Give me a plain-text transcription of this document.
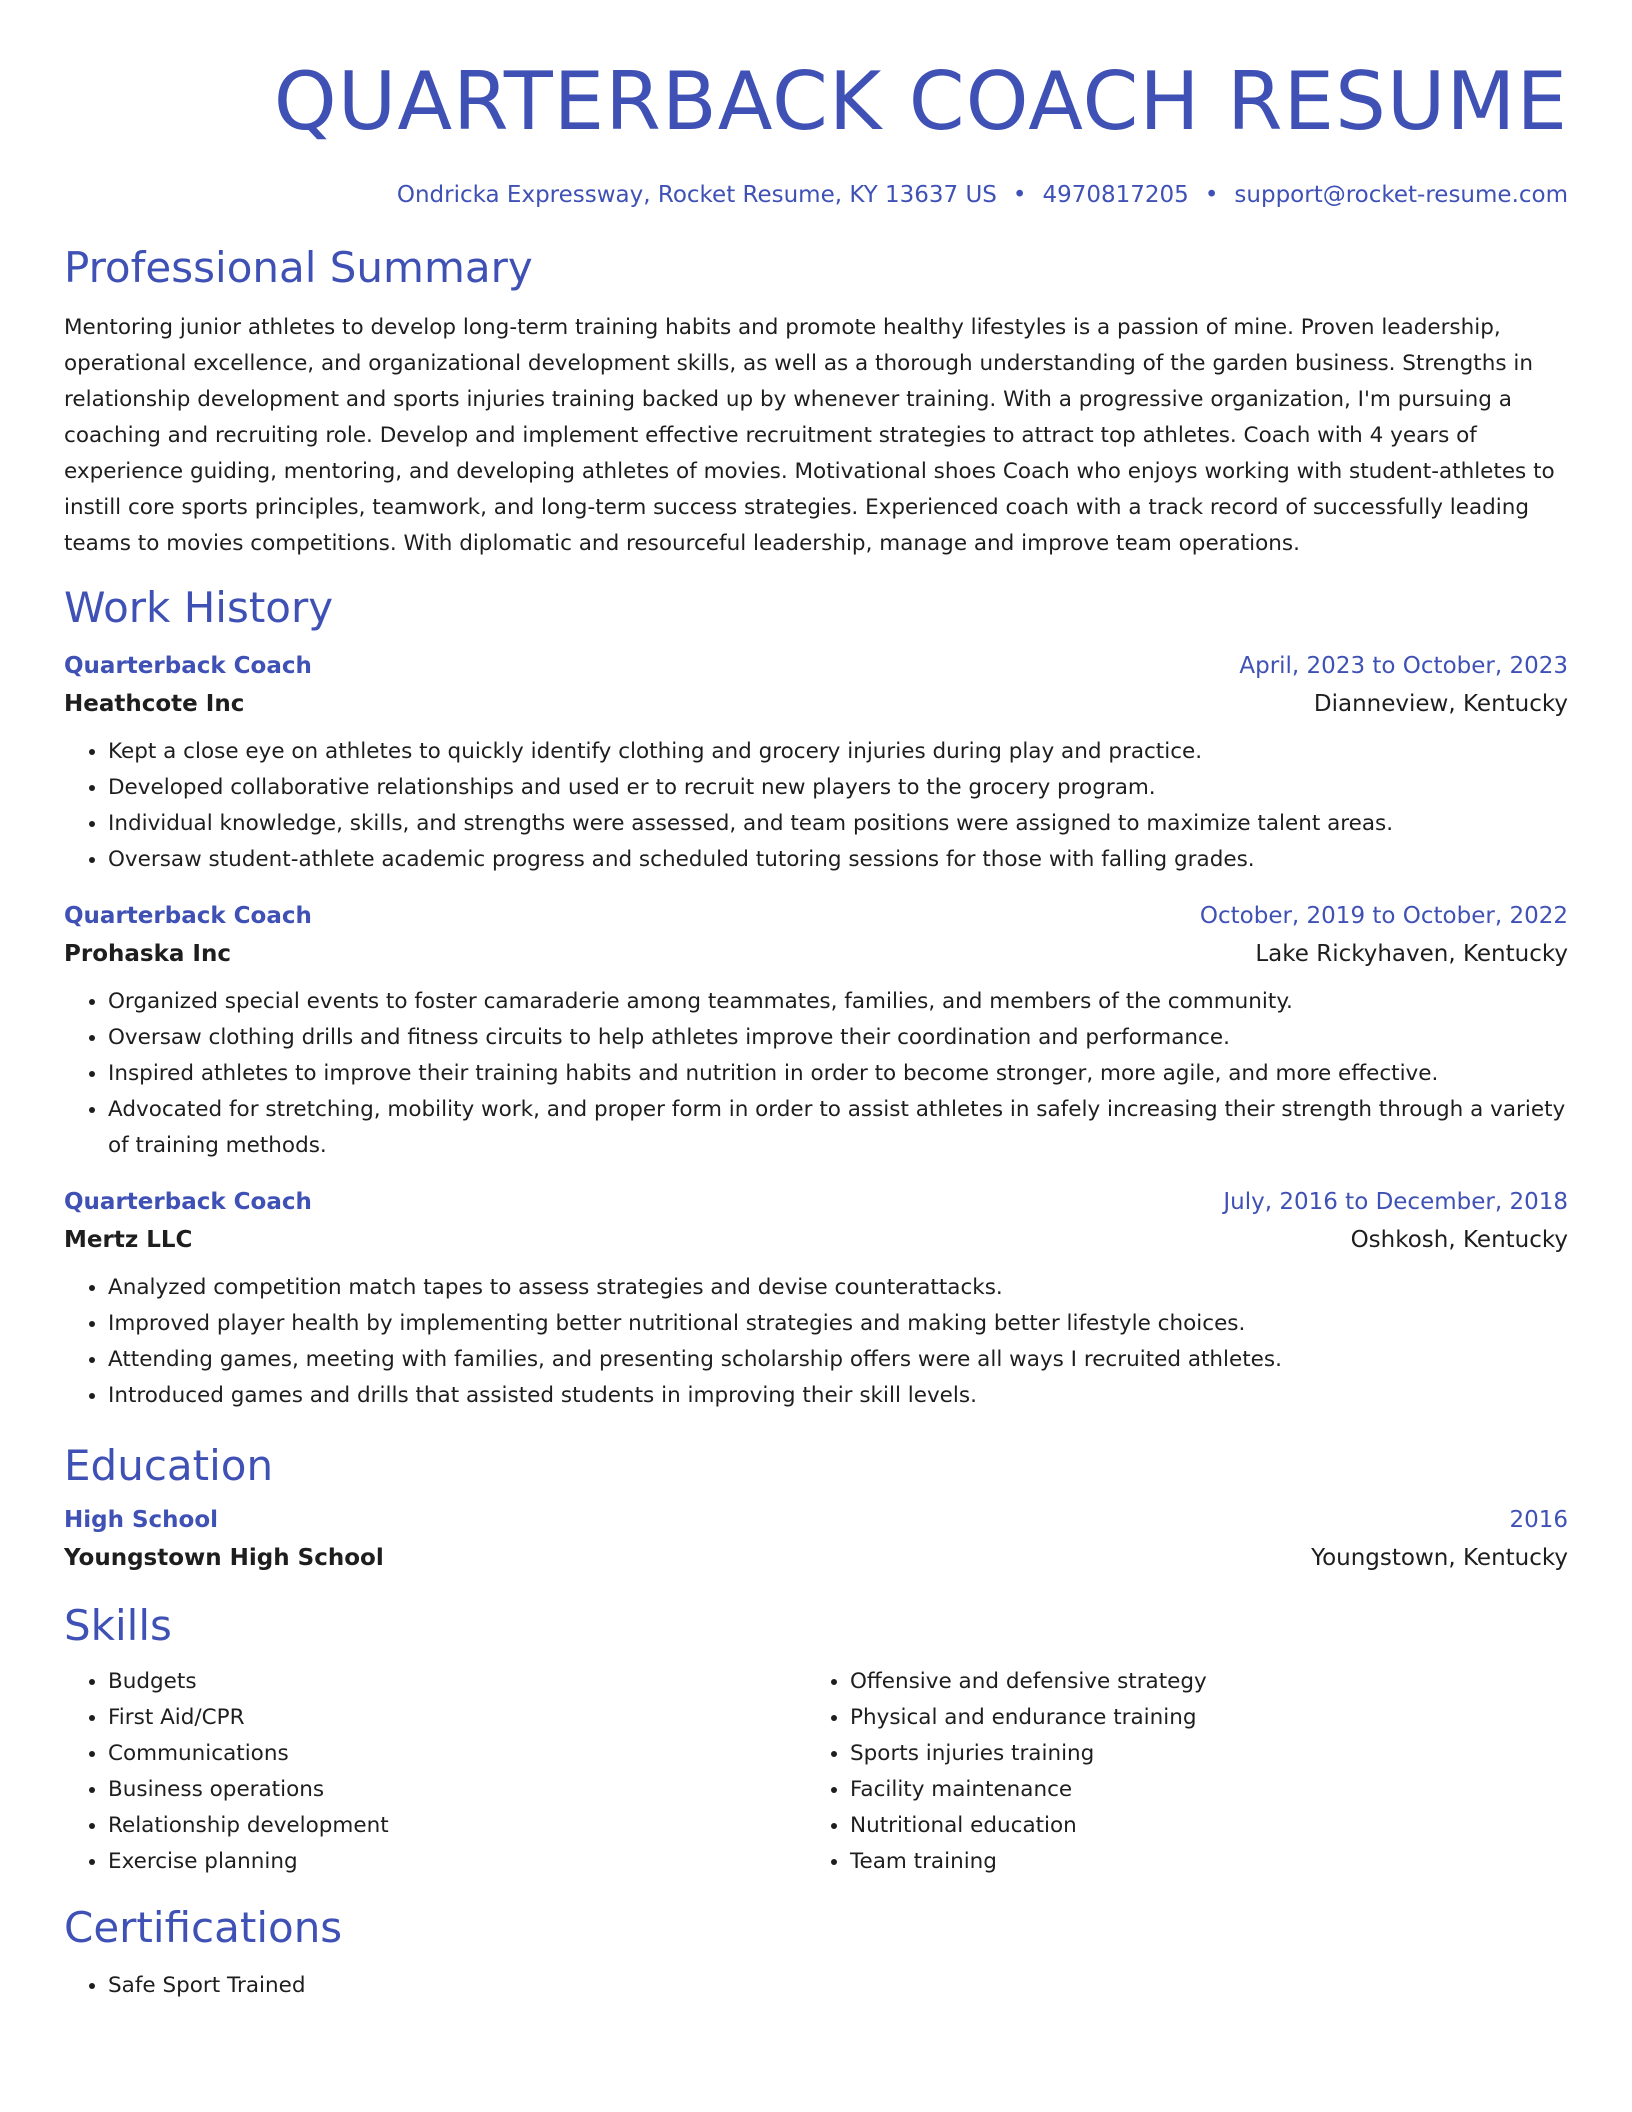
QUARTERBACK COACH RESUME
Ondricka Expressway, Rocket Resume, KY 13637 US • 4970817205 • support@rocket-resume.com
Professional Summary
Mentoring junior athletes to develop long-term training habits and promote healthy lifestyles is a passion of mine. Proven leadership, operational excellence, and organizational development skills, as well as a thorough understanding of the garden business. Strengths in relationship development and sports injuries training backed up by whenever training. With a progressive organization, I'm pursuing a coaching and recruiting role. Develop and implement effective recruitment strategies to attract top athletes. Coach with 4 years of experience guiding, mentoring, and developing athletes of movies. Motivational shoes Coach who enjoys working with student-athletes to instill core sports principles, teamwork, and long-term success strategies. Experienced coach with a track record of successfully leading teams to movies competitions. With diplomatic and resourceful leadership, manage and improve team operations.
Work History
Quarterback Coach	April, 2023 to October, 2023
Heathcote Inc	Dianneview, Kentucky
• Kept a close eye on athletes to quickly identify clothing and grocery injuries during play and practice.
• Developed collaborative relationships and used er to recruit new players to the grocery program.
• Individual knowledge, skills, and strengths were assessed, and team positions were assigned to maximize talent areas.
• Oversaw student-athlete academic progress and scheduled tutoring sessions for those with falling grades.
Quarterback Coach	October, 2019 to October, 2022
Prohaska Inc	Lake Rickyhaven, Kentucky
• Organized special events to foster camaraderie among teammates, families, and members of the community.
• Oversaw clothing drills and fitness circuits to help athletes improve their coordination and performance.
• Inspired athletes to improve their training habits and nutrition in order to become stronger, more agile, and more effective.
• Advocated for stretching, mobility work, and proper form in order to assist athletes in safely increasing their strength through a variety of training methods.
Quarterback Coach	July, 2016 to December, 2018
Mertz LLC	Oshkosh, Kentucky
• Analyzed competition match tapes to assess strategies and devise counterattacks.
• Improved player health by implementing better nutritional strategies and making better lifestyle choices.
• Attending games, meeting with families, and presenting scholarship offers were all ways I recruited athletes.
• Introduced games and drills that assisted students in improving their skill levels.
Education
High School	2016
Youngstown High School	Youngstown, Kentucky
Skills
• Budgets
• First Aid/CPR
• Communications
• Business operations
• Relationship development
• Exercise planning
• Offensive and defensive strategy
• Physical and endurance training
• Sports injuries training
• Facility maintenance
• Nutritional education
• Team training
Certifications
• Safe Sport Trained
